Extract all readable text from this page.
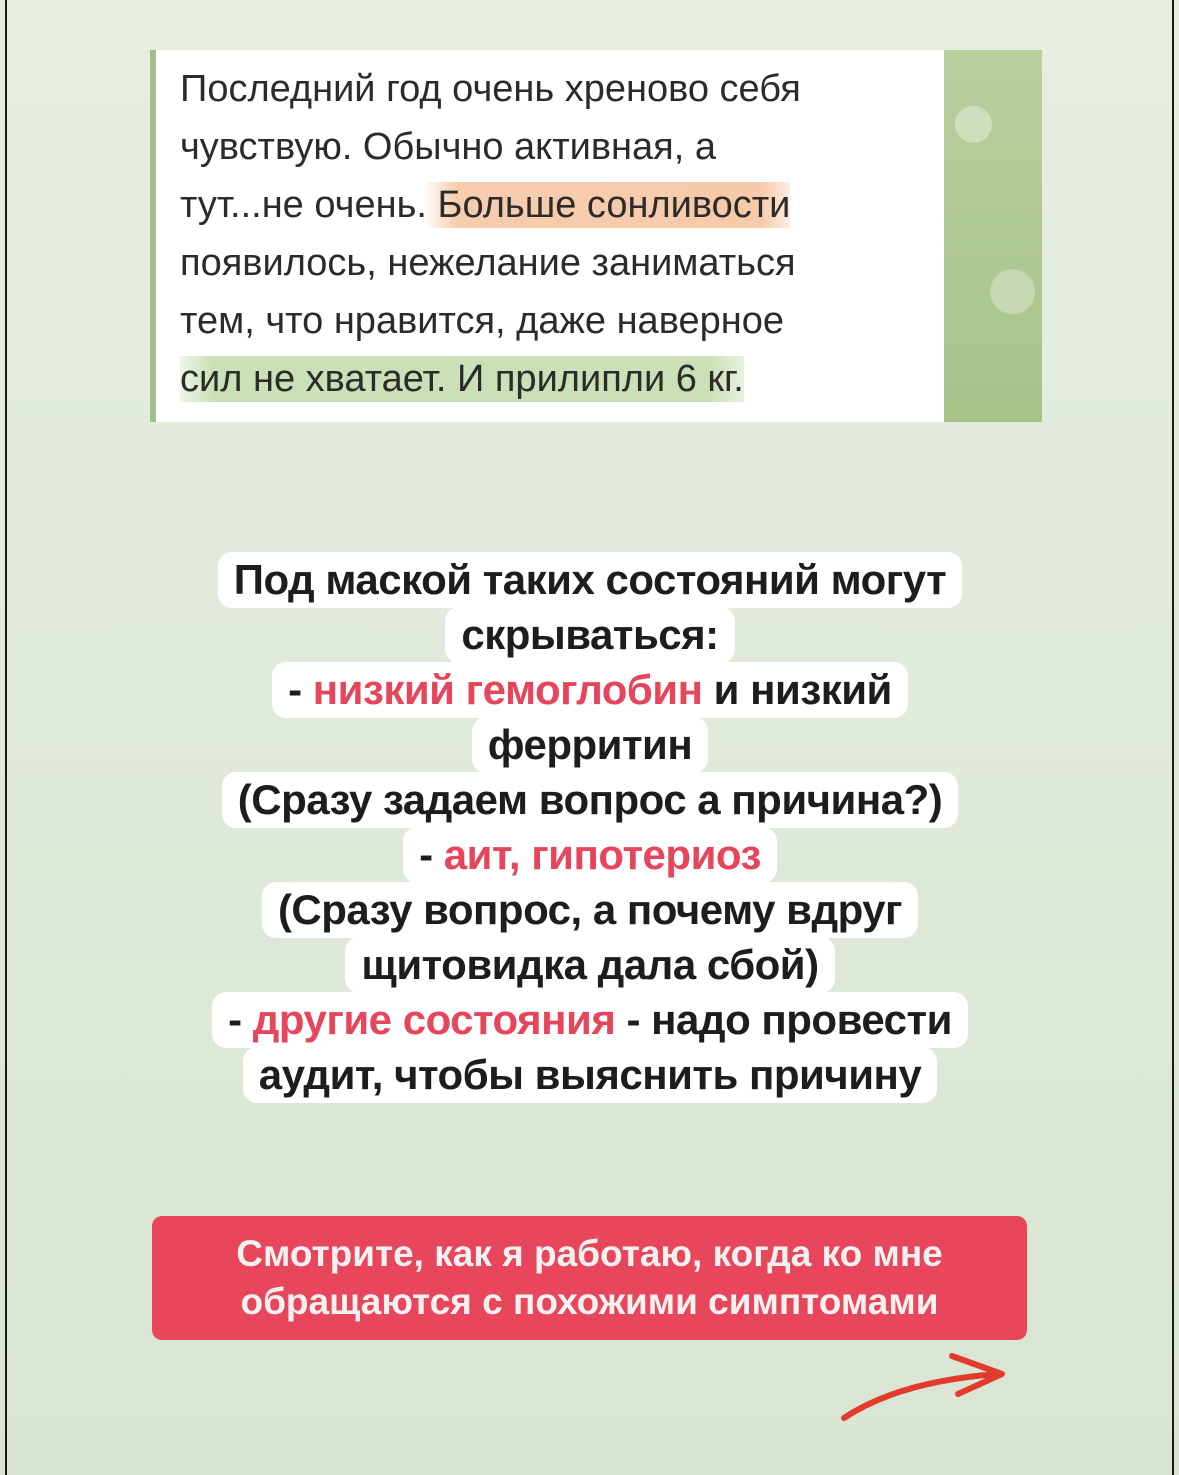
Последний год очень хреново себя
чувствую. Обычно активная, а
тут...не очень. Больше сонливости
появилось, нежелание заниматься
тем, что нравится, даже наверное
сил не хватает. И прилипли 6 кг.
Под маской таких состояний могут
скрываться:
- низкий гемоглобин и низкий
ферритин
(Сразу задаем вопрос а причина?)
- аит, гипотериоз
(Сразу вопрос, а почему вдруг
щитовидка дала сбой)
- другие состояния - надо провести
аудит, чтобы выяснить причину
Смотрите, как я работаю, когда ко мне
обращаются с похожими симптомами
